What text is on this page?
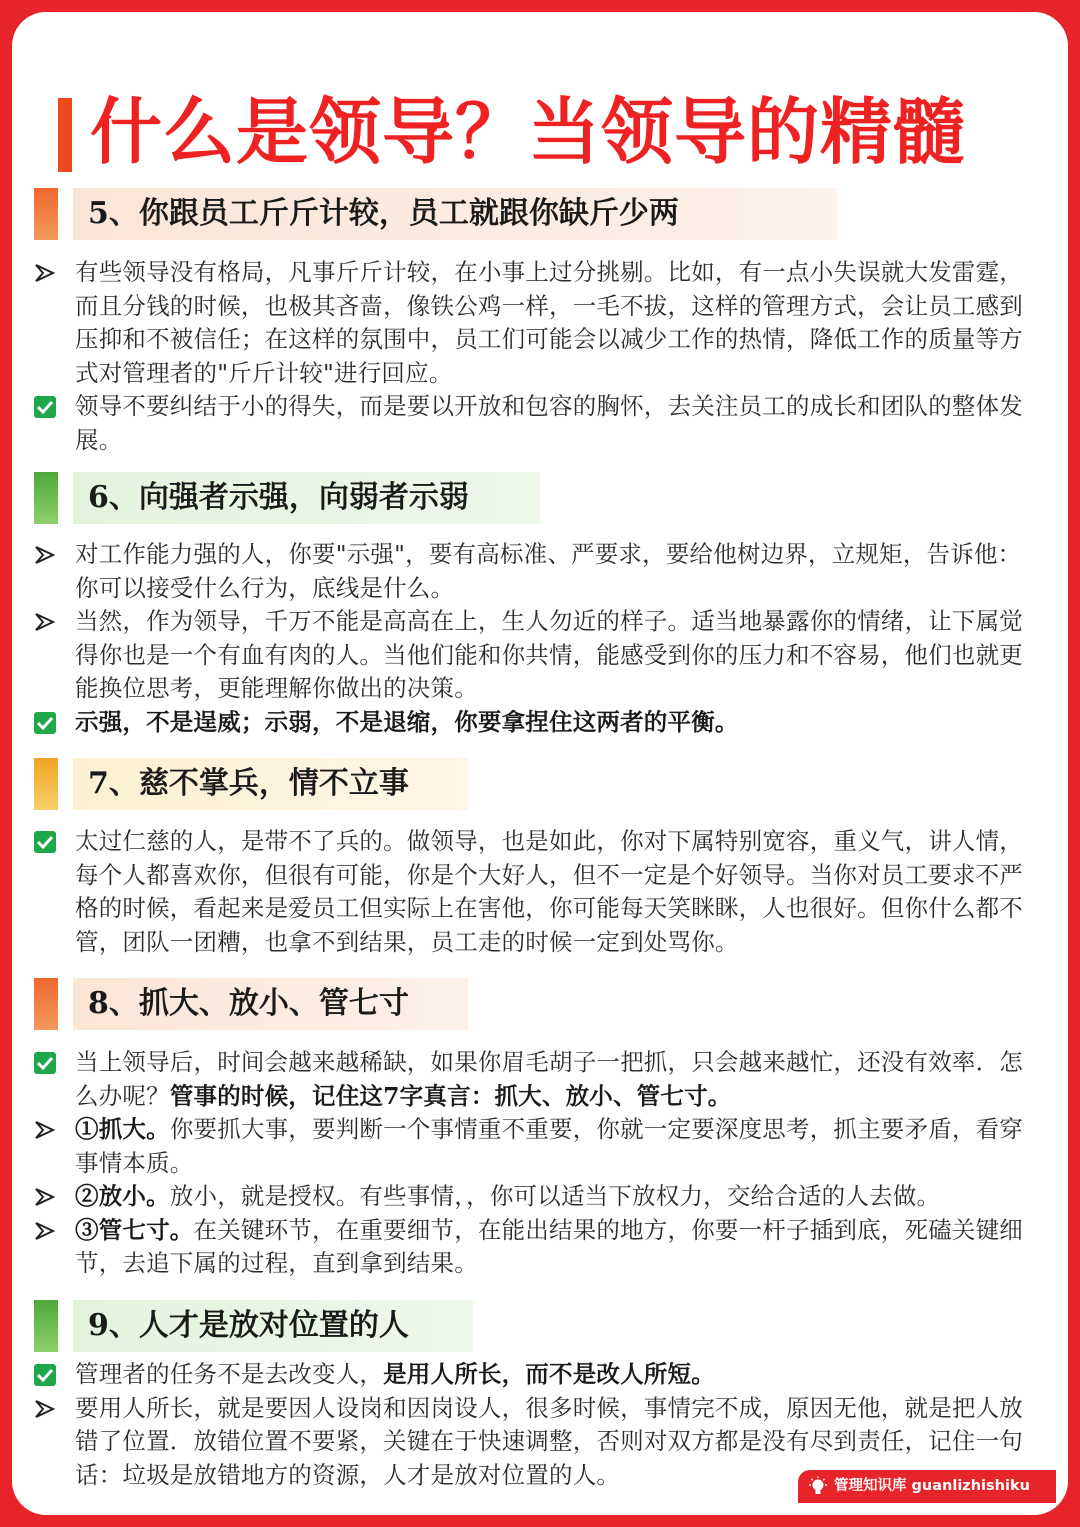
什么是领导？当领导的精髓
5、你跟员工斤斤计较，员工就跟你缺斤少两

有些领导没有格局，凡事斤斤计较，在小事上过分挑剔。比如，有一点小失误就大发雷霆，而且分钱的时候，也极其吝啬，像铁公鸡一样，一毛不拔，这样的管理方式，会让员工感到压抑和不被信任；在这样的氛围中，员工们可能会以减少工作的热情，降低工作的质量等方式对管理者的"斤斤计较"进行回应。

领导不要纠结于小的得失，而是要以开放和包容的胸怀，去关注员工的成长和团队的整体发展。

6、向强者示强，向弱者示弱

对工作能力强的人，你要"示强"，要有高标准、严要求，要给他树边界，立规矩，告诉他：你可以接受什么行为，底线是什么。

当然，作为领导，千万不能是高高在上，生人勿近的样子。适当地暴露你的情绪，让下属觉得你也是一个有血有肉的人。当他们能和你共情，能感受到你的压力和不容易，他们也就更能换位思考，更能理解你做出的决策。

示强，不是逞威；示弱，不是退缩，你要拿捏住这两者的平衡。

7、慈不掌兵，情不立事

太过仁慈的人，是带不了兵的。做领导，也是如此，你对下属特别宽容，重义气，讲人情，每个人都喜欢你，但很有可能，你是个大好人，但不一定是个好领导。当你对员工要求不严格的时候，看起来是爱员工但实际上在害他，你可能每天笑眯眯，人也很好。但你什么都不管，团队一团糟，也拿不到结果，员工走的时候一定到处骂你。

8、抓大、放小、管七寸

当上领导后，时间会越来越稀缺，如果你眉毛胡子一把抓，只会越来越忙，还没有效率．怎么办呢？管事的时候，记住这7字真言：抓大、放小、管七寸。

①抓大。你要抓大事，要判断一个事情重不重要，你就一定要深度思考，抓主要矛盾，看穿事情本质。

②放小。放小，就是授权。有些事情，，你可以适当下放权力，交给合适的人去做。

③管七寸。在关键环节，在重要细节，在能出结果的地方，你要一杆子插到底，死磕关键细节，去追下属的过程，直到拿到结果。

9、人才是放对位置的人

管理者的任务不是去改变人，是用人所长，而不是改人所短。

要用人所长，就是要因人设岗和因岗设人，很多时候，事情完不成，原因无他，就是把人放错了位置．放错位置不要紧，关键在于快速调整，否则对双方都是没有尽到责任，记住一句话：垃圾是放错地方的资源，人才是放对位置的人。	管理知识库 guanlizhishiku
